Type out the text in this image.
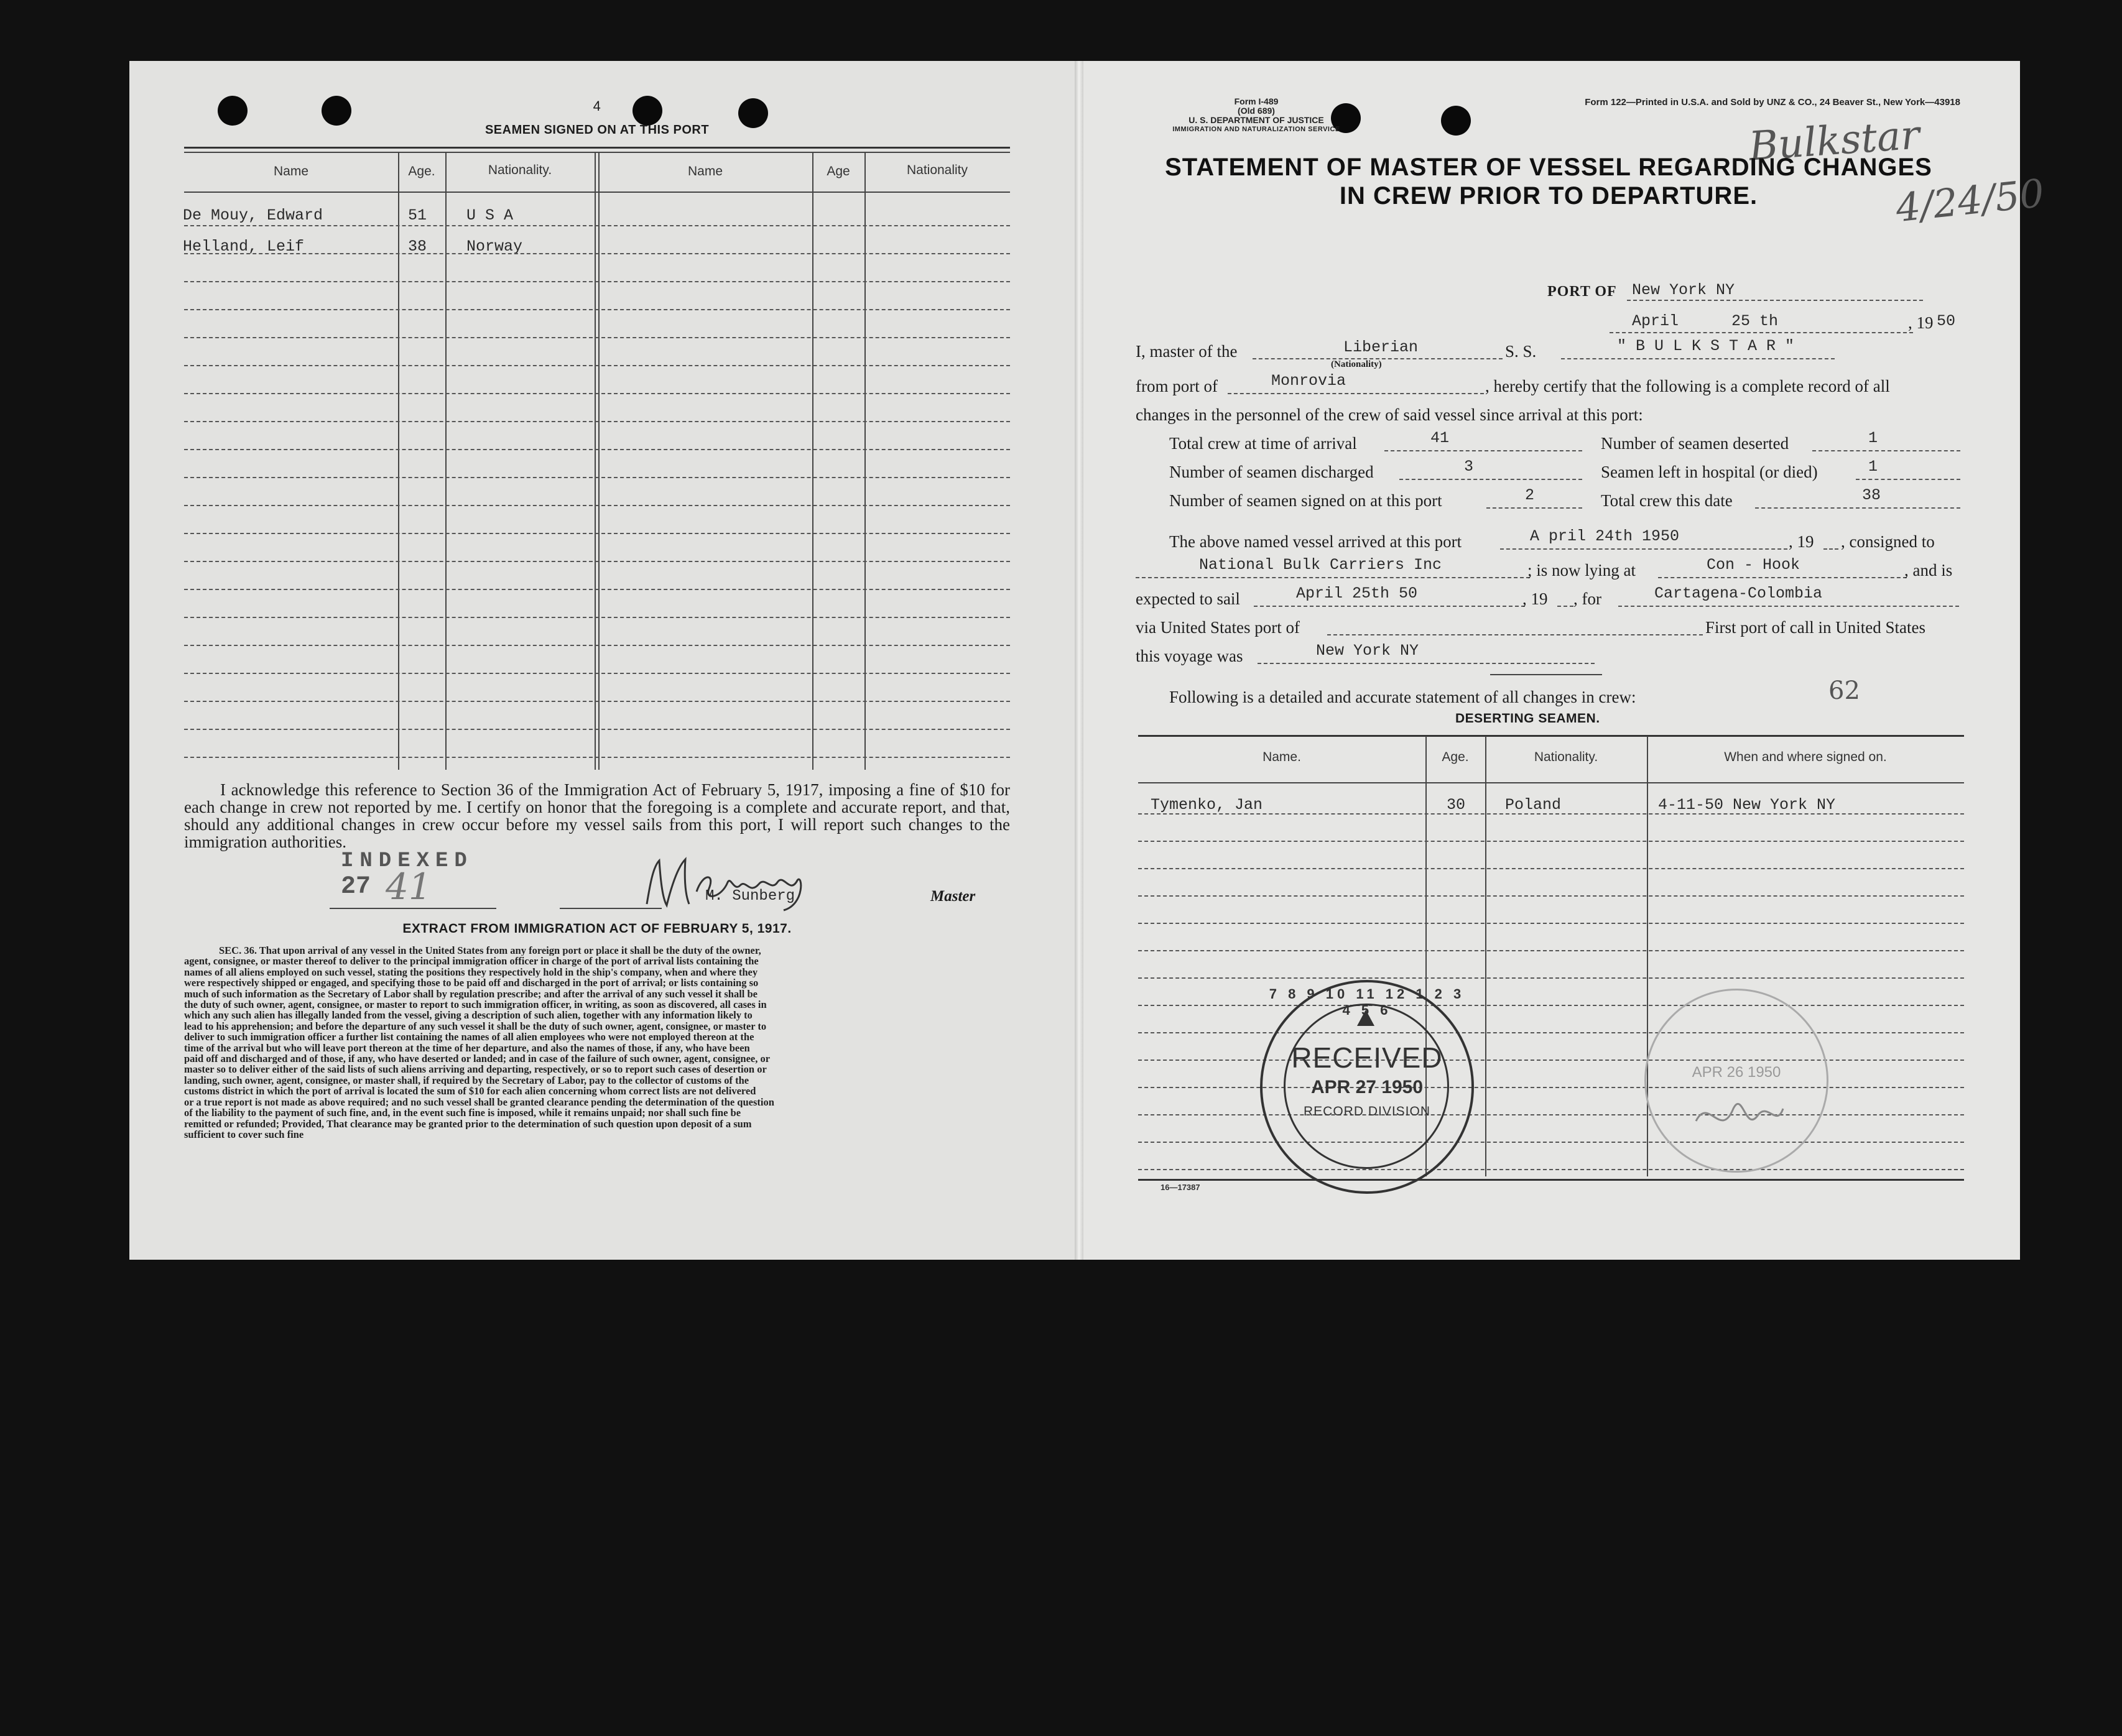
4
SEAMEN SIGNED ON AT THIS PORT
Name	Age.	Nationality.	Name	Age	Nationality
De Mouy, Edward	51	U S A
Helland, Leif	38	Norway
I acknowledge this reference to Section 36 of the Immigration Act of February 5, 1917, imposing a fine of $10 for each change in crew not reported by me. I certify on honor that the foregoing is a complete and accurate report, and that, should any additional changes in crew occur before my vessel sails from this port, I will report such changes to the immigration authorities.
INDEXED
27 41	M. Sunberg	Master
EXTRACT FROM IMMIGRATION ACT OF FEBRUARY 5, 1917.
SEC. 36. That upon arrival of any vessel in the United States from any foreign port or place it shall be the duty of the owner,
agent, consignee, or master thereof to deliver to the principal immigration officer in charge of the port of arrival lists containing the
names of all aliens employed on such vessel, stating the positions they respectively hold in the ship's company, when and where they
were respectively shipped or engaged, and specifying those to be paid off and discharged in the port of arrival; or lists containing so
much of such information as the Secretary of Labor shall by regulation prescribe; and after the arrival of any such vessel it shall be
the duty of such owner, agent, consignee, or master to report to such immigration officer, in writing, as soon as discovered, all cases in
which any such alien has illegally landed from the vessel, giving a description of such alien, together with any information likely to
lead to his apprehension; and before the departure of any such vessel it shall be the duty of such owner, agent, consignee, or master to
deliver to such immigration officer a further list containing the names of all alien employees who were not employed thereon at the
time of the arrival but who will leave port thereon at the time of her departure, and also the names of those, if any, who have been
paid off and discharged and of those, if any, who have deserted or landed; and in case of the failure of such owner, agent, consignee, or
master so to deliver either of the said lists of such aliens arriving and departing, respectively, or so to report such cases of desertion or
landing, such owner, agent, consignee, or master shall, if required by the Secretary of Labor, pay to the collector of customs of the
customs district in which the port of arrival is located the sum of $10 for each alien concerning whom correct lists are not delivered
or a true report is not made as above required; and no such vessel shall be granted clearance pending the determination of the question
of the liability to the payment of such fine, and, in the event such fine is imposed, while it remains unpaid; nor shall such fine be
remitted or refunded; Provided, That clearance may be granted prior to the determination of such question upon deposit of a sum
sufficient to cover such fine
Form I-489
(Old 689)
U. S. DEPARTMENT OF JUSTICE
IMMIGRATION AND NATURALIZATION SERVICE
Form 122—Printed in U.S.A. and Sold by UNZ & CO., 24 Beaver St., New York—43918
Bulkstar
4/24/50
STATEMENT OF MASTER OF VESSEL REGARDING CHANGES
IN CREW PRIOR TO DEPARTURE.
PORT OF New York NY
April	25 th	, 19 50
I, master of the	Liberian
(Nationality)
S. S.	" B U L K S T A R "
from port of	Monrovia	, hereby certify that the following is a complete record of all
changes in the personnel of the crew of said vessel since arrival at this port:
Total crew at time of arrival	41	Number of seamen deserted	1
Number of seamen discharged	3	Seamen left in hospital (or died)	1
Number of seamen signed on at this port	2	Total crew this date	38
The above named vessel arrived at this port	A pril 24th 1950	, 19 , consigned to
National Bulk Carriers Inc	; is now lying at	Con - Hook	, and is
expected to sail	April 25th 50	, 19 , for	Cartagena-Colombia
via United States port of	First port of call in United States
this voyage was	New York NY
Following is a detailed and accurate statement of all changes in crew:	62
DESERTING SEAMEN.
Name.	Age.	Nationality.	When and where signed on.
Tymenko, Jan	30	Poland	4-11-50 New York NY
7 8 9 10 11 12 1 2 3 4 5 6
RECEIVED
APR 27 1950
RECORD DIVISION
APR 26 1950
16—17387
